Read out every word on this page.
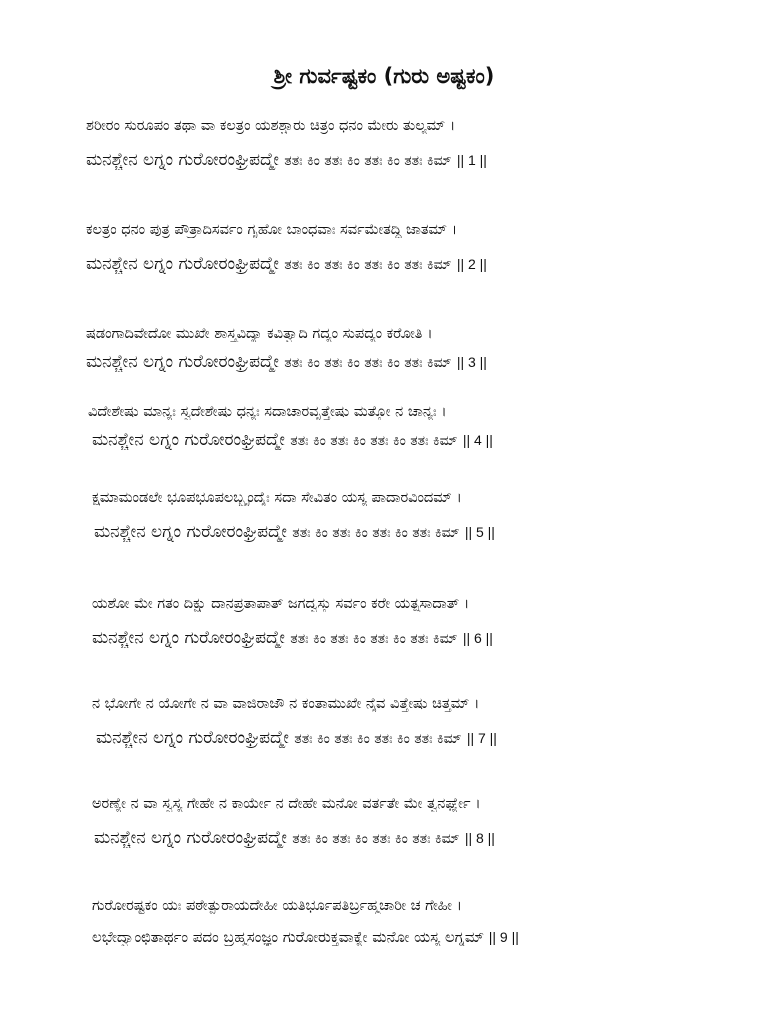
ಶ್ರೀ ಗುರ್ವಷ್ಟಕಂ (ಗುರು ಅಷ್ಟಕಂ)
ಶರೀರಂ ಸುರೂಪಂ ತಥಾ ವಾ ಕಲತ್ರಂ ಯಶಶ್ಚಾರು ಚಿತ್ರಂ ಧನಂ ಮೇರು ತುಲ್ಯಮ್ ।
ಮನಶ್ಚೇನ ಲಗ್ನಂ ಗುರೋರಂಘ್ರಿಪದ್ಮೇ ತತಃ ಕಿಂ ತತಃ ಕಿಂ ತತಃ ಕಿಂ ತತಃ ಕಿಮ್ || 1 ||
ಕಲತ್ರಂ ಧನಂ ಪುತ್ರ ಪೌತ್ರಾದಿಸರ್ವಂ ಗೃಹೋ ಬಾಂಧವಾಃ ಸರ್ವಮೇತದ್ಧಿ ಜಾತಮ್ ।
ಮನಶ್ಚೇನ ಲಗ್ನಂ ಗುರೋರಂಘ್ರಿಪದ್ಮೇ ತತಃ ಕಿಂ ತತಃ ಕಿಂ ತತಃ ಕಿಂ ತತಃ ಕಿಮ್ || 2 ||
ಷಡಂಗಾದಿವೇದೋ ಮುಖೇ ಶಾಸ್ತ್ರವಿದ್ಯಾ ಕವಿತ್ವಾದಿ ಗದ್ಯಂ ಸುಪದ್ಯಂ ಕರೋತಿ ।
ಮನಶ್ಚೇನ ಲಗ್ನಂ ಗುರೋರಂಘ್ರಿಪದ್ಮೇ ತತಃ ಕಿಂ ತತಃ ಕಿಂ ತತಃ ಕಿಂ ತತಃ ಕಿಮ್ || 3 ||
ವಿದೇಶೇಷು ಮಾನ್ಯಃ ಸ್ವದೇಶೇಷು ಧನ್ಯಃ ಸದಾಚಾರವೃತ್ತೇಷು ಮತ್ತೋ ನ ಚಾನ್ಯಃ ।
ಮನಶ್ಚೇನ ಲಗ್ನಂ ಗುರೋರಂಘ್ರಿಪದ್ಮೇ ತತಃ ಕಿಂ ತತಃ ಕಿಂ ತತಃ ಕಿಂ ತತಃ ಕಿಮ್ || 4 ||
ಕ್ಷಮಾಮಂಡಲೇ ಭೂಪಭೂಪಲಬ್ಬೃಂದೈಃ ಸದಾ ಸೇವಿತಂ ಯಸ್ಯ ಪಾದಾರವಿಂದಮ್ ।
ಮನಶ್ಚೇನ ಲಗ್ನಂ ಗುರೋರಂಘ್ರಿಪದ್ಮೇ ತತಃ ಕಿಂ ತತಃ ಕಿಂ ತತಃ ಕಿಂ ತತಃ ಕಿಮ್ || 5 ||
ಯಶೋ ಮೇ ಗತಂ ದಿಕ್ಷು ದಾನಪ್ರತಾಪಾತ್ ಜಗದ್ವಸ್ತು ಸರ್ವಂ ಕರೇ ಯತ್ಪ್ರಸಾದಾತ್ ।
ಮನಶ್ಚೇನ ಲಗ್ನಂ ಗುರೋರಂಘ್ರಿಪದ್ಮೇ ತತಃ ಕಿಂ ತತಃ ಕಿಂ ತತಃ ಕಿಂ ತತಃ ಕಿಮ್ || 6 ||
ನ ಭೋಗೇ ನ ಯೋಗೇ ನ ವಾ ವಾಜಿರಾಜೌ ನ ಕಂತಾಮುಖೇ ನೈವ ವಿತ್ತೇಷು ಚಿತ್ತಮ್ ।
ಮನಶ್ಚೇನ ಲಗ್ನಂ ಗುರೋರಂಘ್ರಿಪದ್ಮೇ ತತಃ ಕಿಂ ತತಃ ಕಿಂ ತತಃ ಕಿಂ ತತಃ ಕಿಮ್ || 7 ||
ಅರಣ್ಯೇ ನ ವಾ ಸ್ವಸ್ಯ ಗೇಹೇ ನ ಕಾರ್ಯೇ ನ ದೇಹೇ ಮನೋ ವರ್ತತೇ ಮೇ ತ್ವನರ್ಘ್ಯೇ ।
ಮನಶ್ಚೇನ ಲಗ್ನಂ ಗುರೋರಂಘ್ರಿಪದ್ಮೇ ತತಃ ಕಿಂ ತತಃ ಕಿಂ ತತಃ ಕಿಂ ತತಃ ಕಿಮ್ || 8 ||
ಗುರೋರಷ್ಟಕಂ ಯಃ ಪಠೇತ್ಪುರಾಯದೇಹೀ ಯತಿರ್ಭೂಪತಿರ್ಬ್ರಹ್ಮಚಾರೀ ಚ ಗೇಹೀ ।
ಲಭೇದ್ವಾಂಛಿತಾರ್ಥಂ ಪದಂ ಬ್ರಹ್ಮಸಂಜ್ಞಂ ಗುರೋರುಕ್ತವಾಕ್ಯೇ ಮನೋ ಯಸ್ಯ ಲಗ್ನಮ್ || 9 ||
